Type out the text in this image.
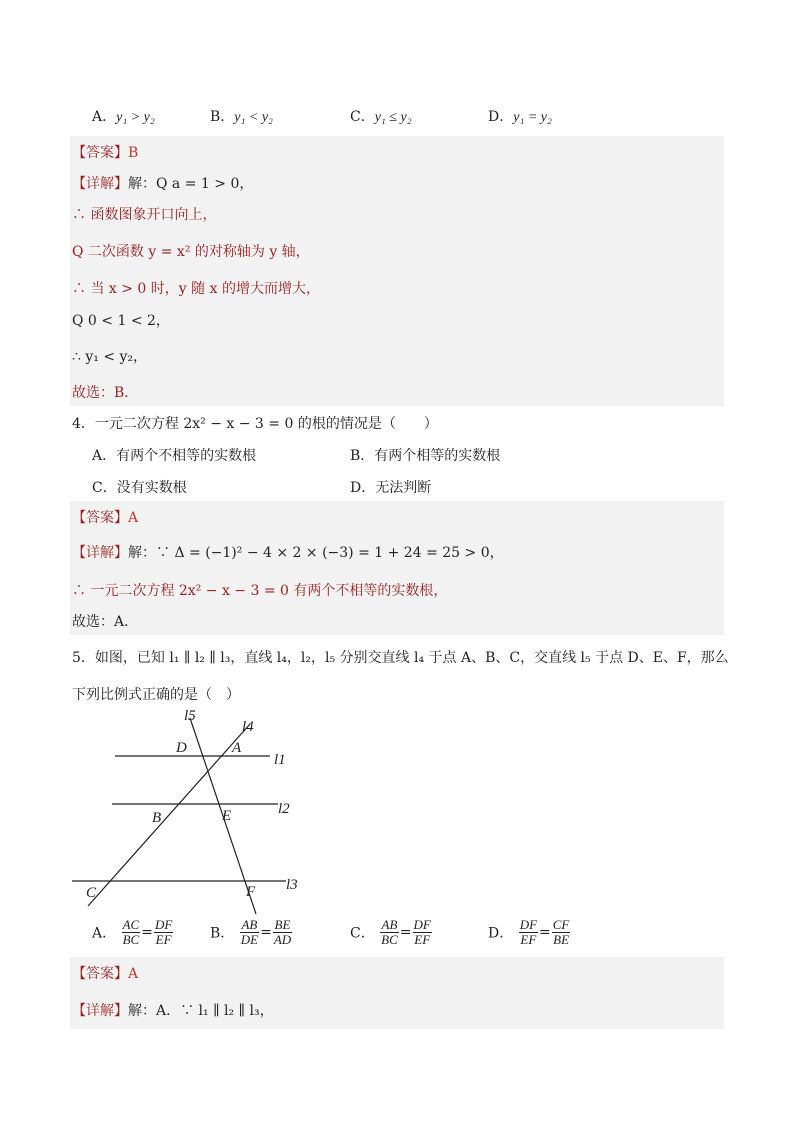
A．y₁ > y₂	B．y₁ < y₂	C．y₁ ≤ y₂	D．y₁ = y₂
【答案】B
【详解】解：Q a = 1 > 0，
∴ 函数图象开口向上，
Q 二次函数 y = x² 的对称轴为 y 轴，
∴ 当 x > 0 时，y 随 x 的增大而增大，
Q 0 < 1 < 2，
∴ y₁ < y₂，
故选：B．
4．一元二次方程 2x² − x − 3 = 0 的根的情况是（　　）
A．有两个不相等的实数根	B．有两个相等的实数根
C．没有实数根	D．无法判断
【答案】A
【详解】解：∵ Δ = (−1)² − 4 × 2 × (−3) = 1 + 24 = 25 > 0，
∴ 一元二次方程 2x² − x − 3 = 0 有两个不相等的实数根，
故选：A．
5．如图，已知 l₁ ∥ l₂ ∥ l₃，直线 l₄，l₂，l₅ 分别交直线 l₄ 于点 A、B、C，交直线 l₅ 于点 D、E、F，那么
下列比例式正确的是（　）
l5
l4
l1
l2
l3
D	A
B	E
C	F
A． $\frac{AC}{BC} = \frac{DF}{EF}$	B． $\frac{AB}{DE} = \frac{BE}{AD}$	C． $\frac{AB}{BC} = \frac{DF}{EF}$	D． $\frac{DF}{EF} = \frac{CF}{BE}$
【答案】A
【详解】解：A．∵ l₁ ∥ l₂ ∥ l₃，
